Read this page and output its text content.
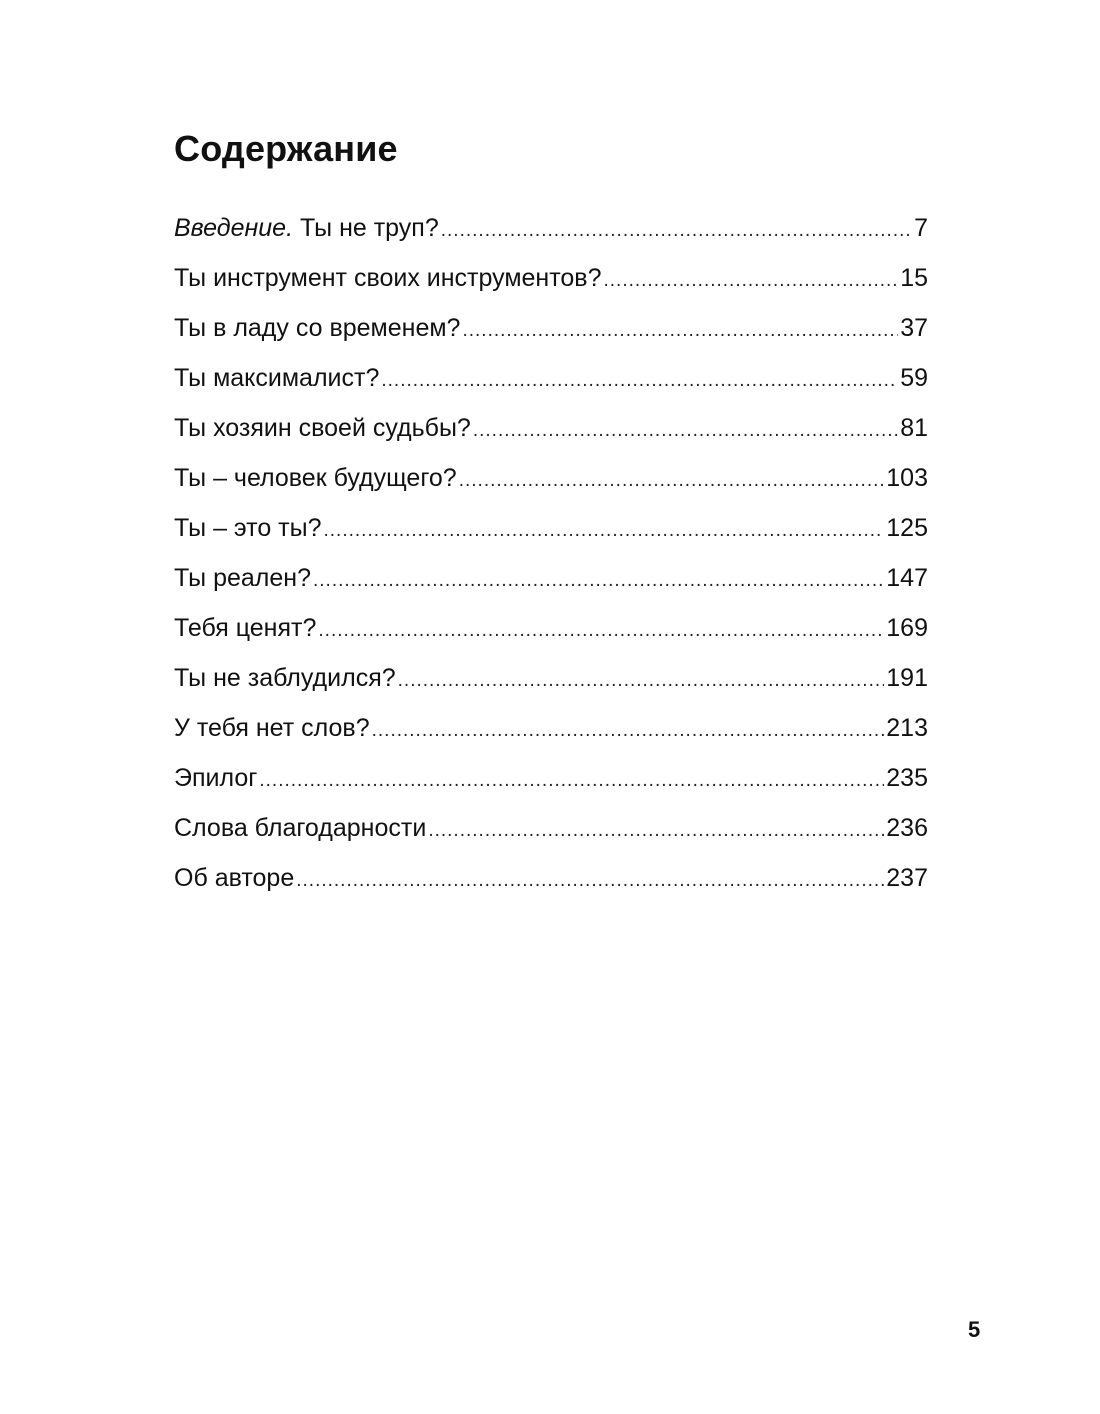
Содержание
Введение. Ты не труп? .....	7
Ты инструмент своих инструментов? .....	15
Ты в ладу со временем? .....	37
Ты максималист? .....	59
Ты хозяин своей судьбы? .....	81
Ты – человек будущего? .....	103
Ты – это ты? .....	125
Ты реален? .....	147
Тебя ценят? .....	169
Ты не заблудился? .....	191
У тебя нет слов? .....	213
Эпилог .....	235
Слова благодарности .....	236
Об авторе .....	237
5
